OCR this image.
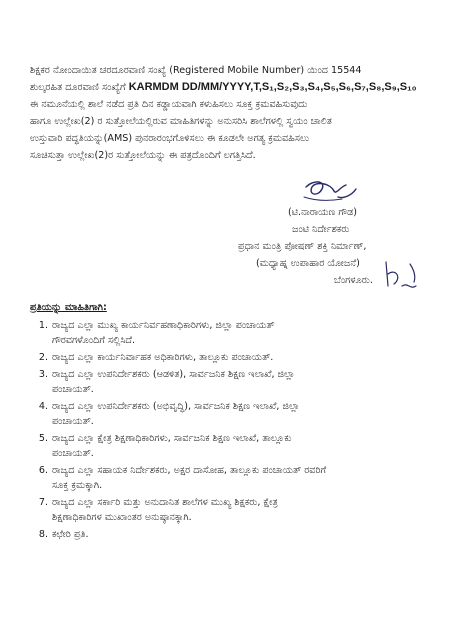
ಶಿಕ್ಷಕರ ನೋಂದಾಯಿತ ಚರದೂರವಾಣಿ ಸಂಖ್ಯೆ (Registered Mobile Number) ಯಿಂದ 15544
ಶುಲ್ಕರಹಿತ ದೂರವಾಣಿ ಸಂಖ್ಯೆಗೆ KARMDM DD/MM/YYYY,T,S₁,S₂,S₃,S₄,S₅,S₆,S₇,S₈,S₉,S₁₀
ಈ ನಮೂನೆಯಲ್ಲಿ ಶಾಲೆ ನಡೆದ ಪ್ರತಿ ದಿನ ಕಡ್ಡಾಯವಾಗಿ ಕಳುಹಿಸಲು ಸೂಕ್ತ ಕ್ರಮವಹಿಸುವುದು
ಹಾಗೂ ಉಲ್ಲೇಖ(2) ರ ಸುತ್ತೋಲೆಯಲ್ಲಿರುವ ಮಾಹಿತಿಗಳನ್ನು ಅನುಸರಿಸಿ ಶಾಲೆಗಳಲ್ಲಿ ಸ್ವಯಂ ಚಾಲಿತ
ಉಸ್ತುವಾರಿ ಪದ್ಧತಿಯನ್ನು(AMS) ಪುನರಾರಂಭಗೊಳಿಸಲು ಈ ಕೂಡಲೇ ಅಗತ್ಯ ಕ್ರಮವಹಿಸಲು
ಸೂಚಿಸುತ್ತಾ ಉಲ್ಲೇಖ(2)ರ ಸುತ್ತೋಲೆಯನ್ನು ಈ ಪತ್ರದೊಂದಿಗೆ ಲಗತ್ತಿಸಿದೆ.
(ಟಿ.ನಾರಾಯಣ ಗೌಡ)
ಜಂಟಿ ನಿರ್ದೇಶಕರು
ಪ್ರಧಾನ ಮಂತ್ರಿ ಪೋಷಣ್ ಶಕ್ತಿ ನಿರ್ಮಾಣ್,
(ಮಧ್ಯಾಹ್ನ ಉಪಾಹಾರ ಯೋಜನೆ)
ಬೆಂಗಳೂರು.
ಪ್ರತಿಯನ್ನು ಮಾಹಿತಿಗಾಗಿ:
1. ರಾಜ್ಯದ ಎಲ್ಲಾ ಮುಖ್ಯ ಕಾರ್ಯನಿರ್ವಹಣಾಧಿಕಾರಿಗಳು, ಜಿಲ್ಲಾ ಪಂಚಾಯತ್
ಗೌರವಗಳೊಂದಿಗೆ ಸಲ್ಲಿಸಿದೆ.
2. ರಾಜ್ಯದ ಎಲ್ಲಾ ಕಾರ್ಯನಿರ್ವಾಹಕ ಅಧಿಕಾರಿಗಳು, ತಾಲ್ಲೂಕು ಪಂಚಾಯತ್.
3. ರಾಜ್ಯದ ಎಲ್ಲಾ ಉಪನಿರ್ದೇಶಕರು (ಆಡಳಿತ), ಸಾರ್ವಜನಿಕ ಶಿಕ್ಷಣ ಇಲಾಖೆ, ಜಿಲ್ಲಾ
ಪಂಚಾಯತ್.
4. ರಾಜ್ಯದ ಎಲ್ಲಾ ಉಪನಿರ್ದೇಶಕರು (ಅಭಿವೃದ್ಧಿ), ಸಾರ್ವಜನಿಕ ಶಿಕ್ಷಣ ಇಲಾಖೆ, ಜಿಲ್ಲಾ
ಪಂಚಾಯತ್.
5. ರಾಜ್ಯದ ಎಲ್ಲಾ ಕ್ಷೇತ್ರ ಶಿಕ್ಷಣಾಧಿಕಾರಿಗಳು, ಸಾರ್ವಜನಿಕ ಶಿಕ್ಷಣ ಇಲಾಖೆ, ತಾಲ್ಲೂಕು
ಪಂಚಾಯತ್.
6. ರಾಜ್ಯದ ಎಲ್ಲಾ ಸಹಾಯಕ ನಿರ್ದೇಶಕರು, ಅಕ್ಷರ ದಾಸೋಹ, ತಾಲ್ಲೂಕು ಪಂಚಾಯತ್ ರವರಿಗೆ
ಸೂಕ್ತ ಕ್ರಮಕ್ಕಾಗಿ.
7. ರಾಜ್ಯದ ಎಲ್ಲಾ ಸರ್ಕಾರಿ ಮತ್ತು ಅನುದಾನಿತ ಶಾಲೆಗಳ ಮುಖ್ಯ ಶಿಕ್ಷಕರು, ಕ್ಷೇತ್ರ
ಶಿಕ್ಷಣಾಧಿಕಾರಿಗಳ ಮುಖಾಂತರ ಅನುಷ್ಠಾನಕ್ಕಾಗಿ.
8. ಕಛೇರಿ ಪ್ರತಿ.
